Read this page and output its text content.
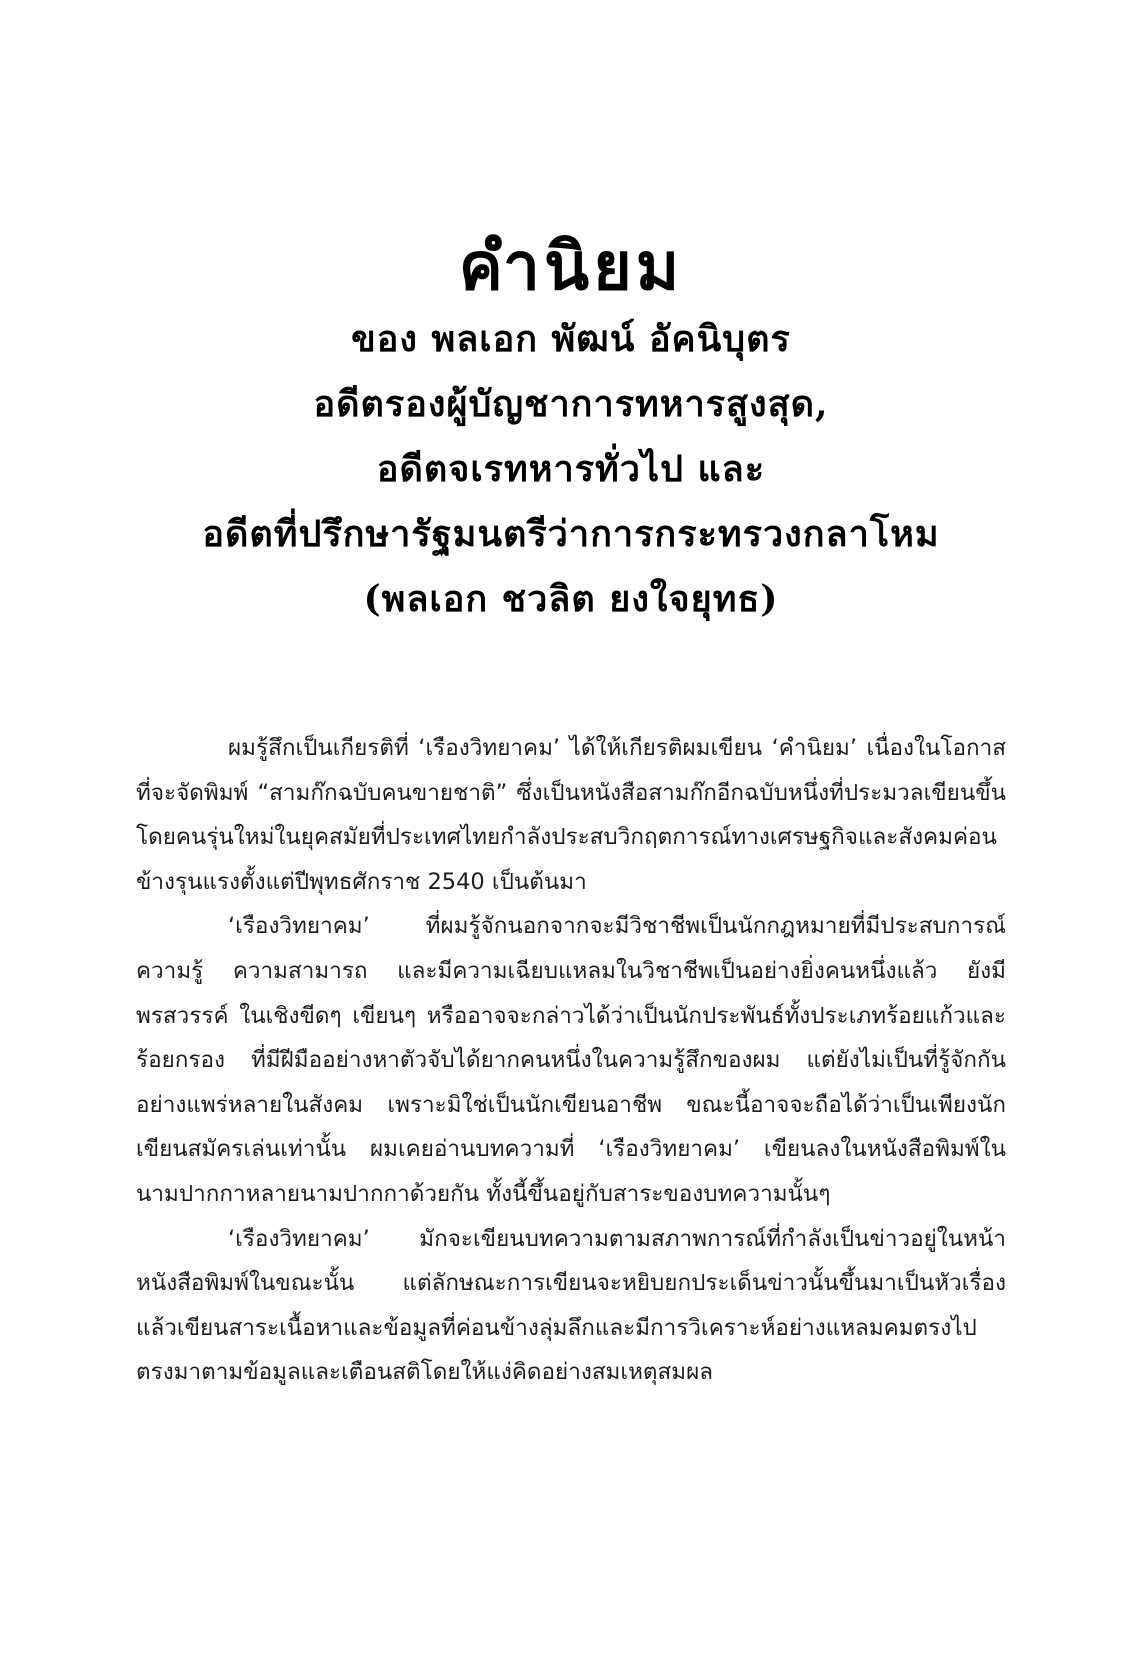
คำนิยม
ของ พลเอก พัฒน์ อัคนิบุตร
อดีตรองผู้บัญชาการทหารสูงสุด,
อดีตจเรทหารทั่วไป และ
อดีตที่ปรึกษารัฐมนตรีว่าการกระทรวงกลาโหม
(พลเอก ชวลิต ยงใจยุทธ)

ผมรู้สึกเป็นเกียรติที่ ‘เรืองวิทยาคม’ ได้ให้เกียรติผมเขียน ‘คำนิยม’ เนื่องในโอกาสที่จะจัดพิมพ์ “สามก๊กฉบับคนขายชาติ” ซึ่งเป็นหนังสือสามก๊กอีกฉบับหนึ่งที่ประมวลเขียนขึ้นโดยคนรุ่นใหม่ในยุคสมัยที่ประเทศไทยกำลังประสบวิกฤตการณ์ทางเศรษฐกิจและสังคมค่อนข้างรุนแรงตั้งแต่ปีพุทธศักราช 2540 เป็นต้นมา

‘เรืองวิทยาคม’ ที่ผมรู้จักนอกจากจะมีวิชาชีพเป็นนักกฎหมายที่มีประสบการณ์ ความรู้ ความสามารถ และมีความเฉียบแหลมในวิชาชีพเป็นอย่างยิ่งคนหนึ่งแล้ว ยังมีพรสวรรค์ ในเชิงขีดๆ เขียนๆ หรืออาจจะกล่าวได้ว่าเป็นนักประพันธ์ทั้งประเภทร้อยแก้วและร้อยกรอง ที่มีฝีมืออย่างหาตัวจับได้ยากคนหนึ่งในความรู้สึกของผม แต่ยังไม่เป็นที่รู้จักกันอย่างแพร่หลายในสังคม เพราะมิใช่เป็นนักเขียนอาชีพ ขณะนี้อาจจะถือได้ว่าเป็นเพียงนักเขียนสมัครเล่นเท่านั้น ผมเคยอ่านบทความที่ ‘เรืองวิทยาคม’ เขียนลงในหนังสือพิมพ์ในนามปากกาหลายนามปากกาด้วยกัน ทั้งนี้ขึ้นอยู่กับสาระของบทความนั้นๆ

‘เรืองวิทยาคม’ มักจะเขียนบทความตามสภาพการณ์ที่กำลังเป็นข่าวอยู่ในหน้าหนังสือพิมพ์ในขณะนั้น แต่ลักษณะการเขียนจะหยิบยกประเด็นข่าวนั้นขึ้นมาเป็นหัวเรื่องแล้วเขียนสาระเนื้อหาและข้อมูลที่ค่อนข้างลุ่มลึกและมีการวิเคราะห์อย่างแหลมคมตรงไปตรงมาตามข้อมูลและเตือนสติโดยให้แง่คิดอย่างสมเหตุสมผล
